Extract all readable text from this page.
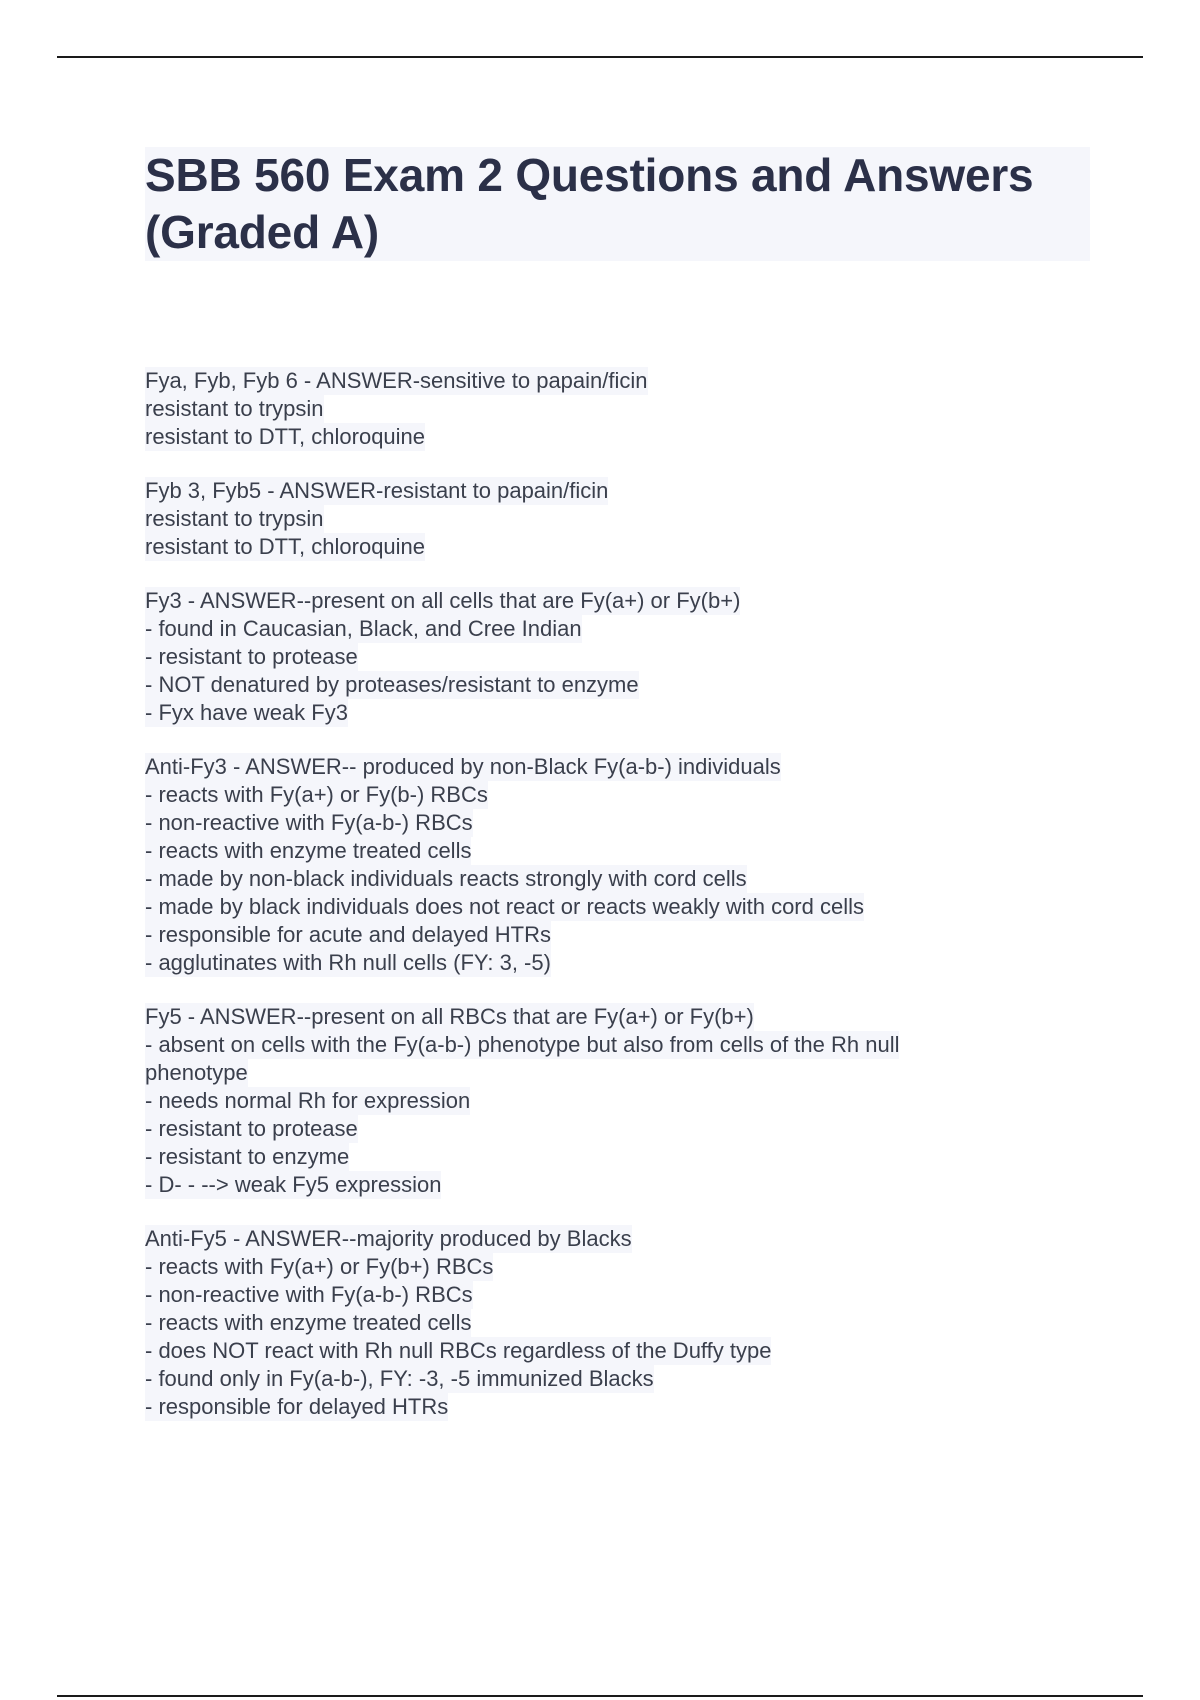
SBB 560 Exam 2 Questions and Answers
(Graded A)
Fya, Fyb, Fyb 6 - ANSWER-sensitive to papain/ficin
resistant to trypsin
resistant to DTT, chloroquine
Fyb 3, Fyb5 - ANSWER-resistant to papain/ficin
resistant to trypsin
resistant to DTT, chloroquine
Fy3 - ANSWER--present on all cells that are Fy(a+) or Fy(b+)
- found in Caucasian, Black, and Cree Indian
- resistant to protease
- NOT denatured by proteases/resistant to enzyme
- Fyx have weak Fy3
Anti-Fy3 - ANSWER-- produced by non-Black Fy(a-b-) individuals
- reacts with Fy(a+) or Fy(b-) RBCs
- non-reactive with Fy(a-b-) RBCs
- reacts with enzyme treated cells
- made by non-black individuals reacts strongly with cord cells
- made by black individuals does not react or reacts weakly with cord cells
- responsible for acute and delayed HTRs
- agglutinates with Rh null cells (FY: 3, -5)
Fy5 - ANSWER--present on all RBCs that are Fy(a+) or Fy(b+)
- absent on cells with the Fy(a-b-) phenotype but also from cells of the Rh null
phenotype
- needs normal Rh for expression
- resistant to protease
- resistant to enzyme
- D- - --> weak Fy5 expression
Anti-Fy5 - ANSWER--majority produced by Blacks
- reacts with Fy(a+) or Fy(b+) RBCs
- non-reactive with Fy(a-b-) RBCs
- reacts with enzyme treated cells
- does NOT react with Rh null RBCs regardless of the Duffy type
- found only in Fy(a-b-), FY: -3, -5 immunized Blacks
- responsible for delayed HTRs
